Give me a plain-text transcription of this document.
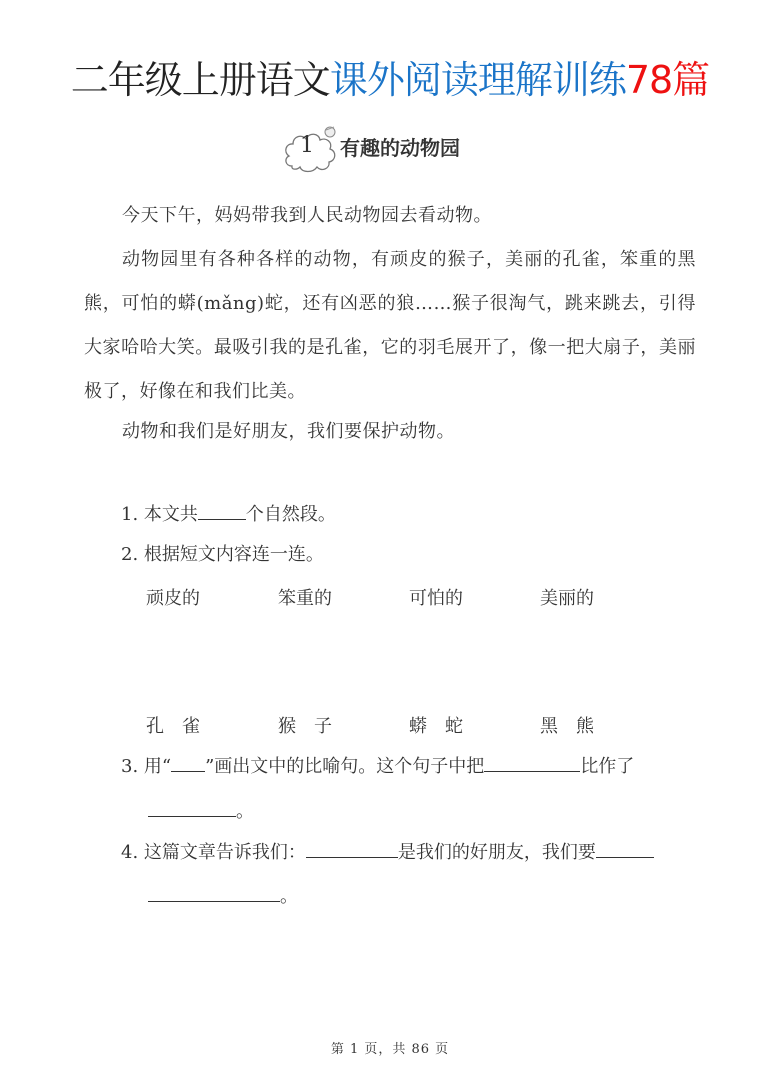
二年级上册语文课外阅读理解训练78篇
1	有趣的动物园
今天下午，妈妈带我到人民动物园去看动物。
动物园里有各种各样的动物，有顽皮的猴子，美丽的孔雀，笨重的黑熊，可怕的蟒(mǎng)蛇，还有凶恶的狼……猴子很淘气，跳来跳去，引得大家哈哈大笑。最吸引我的是孔雀，它的羽毛展开了，像一把大扇子，美丽极了，好像在和我们比美。
动物和我们是好朋友，我们要保护动物。
1. 本文共	个自然段。
2. 根据短文内容连一连。
顽皮的	笨重的	可怕的	美丽的
孔　雀	猴　子	蟒　蛇	黑　熊
3. 用“ ”画出文中的比喻句。这个句子中把	比作了
。
4. 这篇文章告诉我们：	是我们的好朋友，我们要
。
第 1 页，共 86 页
